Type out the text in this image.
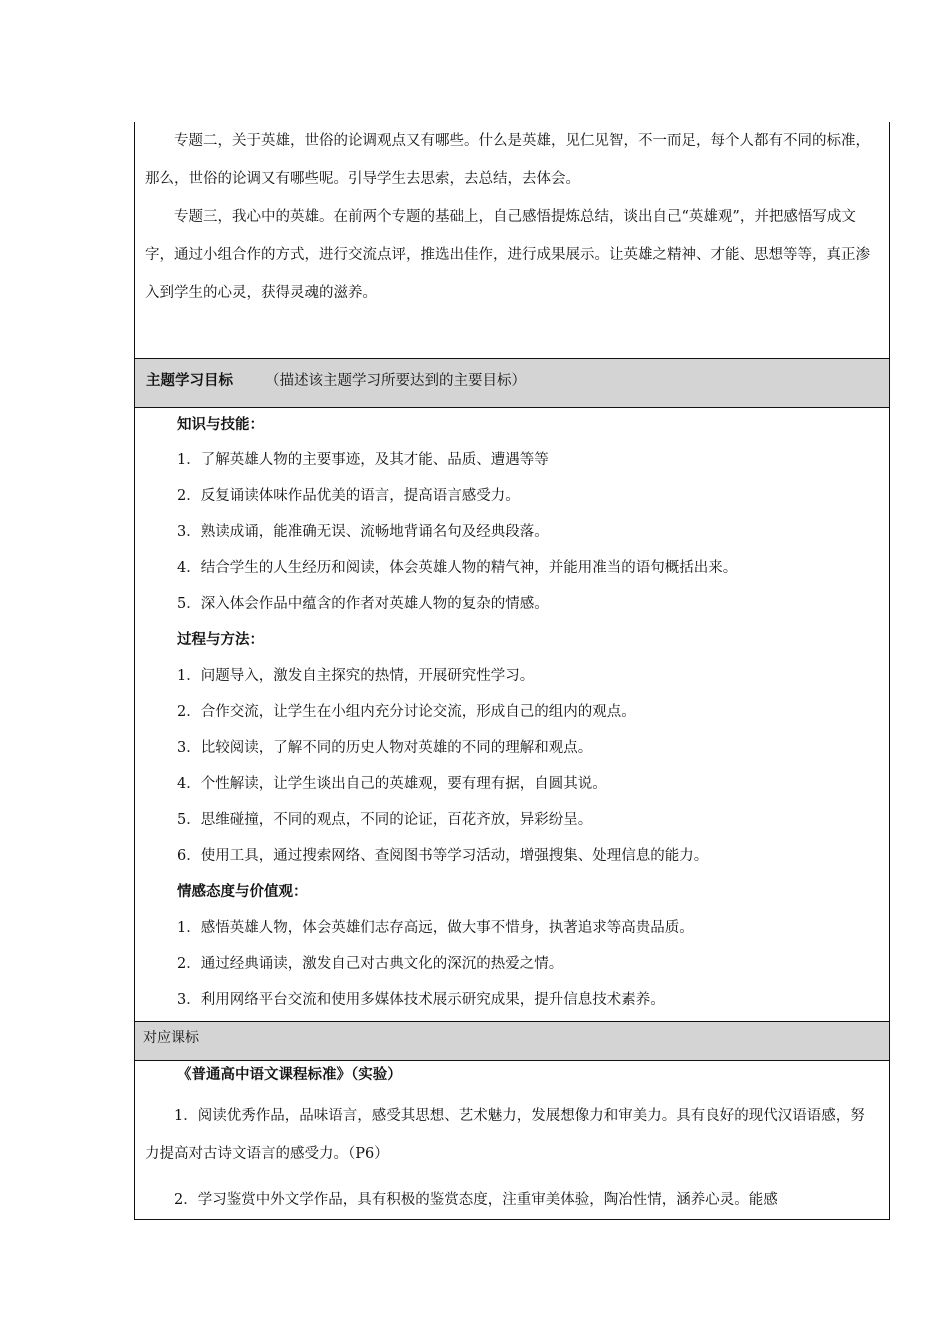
专题二，关于英雄，世俗的论调观点又有哪些。什么是英雄，见仁见智，不一而足，每个人都有不同的标准，那么，世俗的论调又有哪些呢。引导学生去思索，去总结，去体会。
专题三，我心中的英雄。在前两个专题的基础上，自己感悟提炼总结，谈出自己“英雄观”，并把感悟写成文字，通过小组合作的方式，进行交流点评，推选出佳作，进行成果展示。让英雄之精神、才能、思想等等，真正渗入到学生的心灵，获得灵魂的滋养。
主题学习目标 （描述该主题学习所要达到的主要目标）
知识与技能：
1．了解英雄人物的主要事迹，及其才能、品质、遭遇等等
2．反复诵读体味作品优美的语言，提高语言感受力。
3．熟读成诵，能准确无误、流畅地背诵名句及经典段落。
4．结合学生的人生经历和阅读，体会英雄人物的精气神，并能用准当的语句概括出来。
5．深入体会作品中蕴含的作者对英雄人物的复杂的情感。
过程与方法：
1．问题导入，激发自主探究的热情，开展研究性学习。
2．合作交流，让学生在小组内充分讨论交流，形成自己的组内的观点。
3．比较阅读，了解不同的历史人物对英雄的不同的理解和观点。
4．个性解读，让学生谈出自己的英雄观，要有理有据，自圆其说。
5．思维碰撞，不同的观点，不同的论证，百花齐放，异彩纷呈。
6．使用工具，通过搜索网络、查阅图书等学习活动，增强搜集、处理信息的能力。
情感态度与价值观：
1．感悟英雄人物，体会英雄们志存高远，做大事不惜身，执著追求等高贵品质。
2．通过经典诵读，激发自己对古典文化的深沉的热爱之情。
3．利用网络平台交流和使用多媒体技术展示研究成果，提升信息技术素养。
对应课标
《普通高中语文课程标准》（实验）
1．阅读优秀作品，品味语言，感受其思想、艺术魅力，发展想像力和审美力。具有良好的现代汉语语感，努力提高对古诗文语言的感受力。（P6）
2．学习鉴赏中外文学作品，具有积极的鉴赏态度，注重审美体验，陶冶性情，涵养心灵。能感
